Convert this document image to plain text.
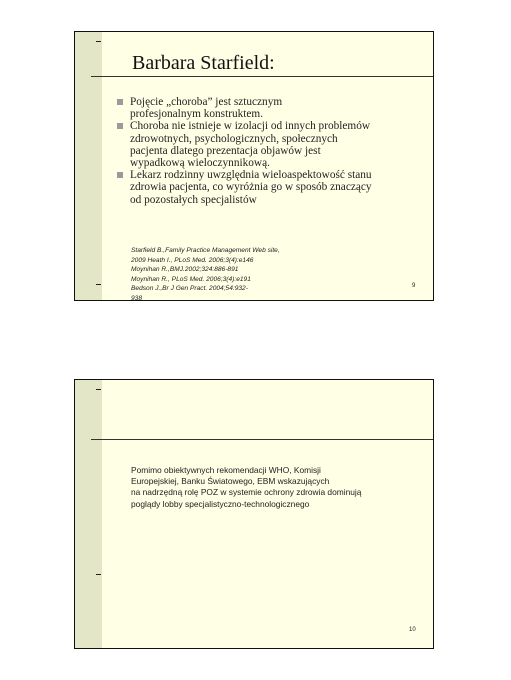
Barbara Starfield:
Pojęcie „choroba” jest sztucznym
profesjonalnym konstruktem.
Choroba nie istnieje w izolacji od innych problemów
zdrowotnych, psychologicznych, społecznych
pacjenta dlatego prezentacja objawów jest
wypadkową wieloczynnikową.
Lekarz rodzinny uwzględnia wieloaspektowość stanu
zdrowia pacjenta, co wyróżnia go w sposób znaczący
od pozostałych specjalistów
Starfield B.,Family Practice Management Web site,
2009 Heath I., PLoS Med. 2006;3(4):e146
Moynihan R.,BMJ.2002;324:886-891
Moynihan R., PLoS Med. 2006;3(4):e191
Bedson J.,Br J Gen Pract. 2004;54:932-
938
9
Pomimo obiektywnych rekomendacji WHO, Komisji
Europejskiej, Banku Światowego, EBM wskazujących
na nadrzędną rolę POZ w systemie ochrony zdrowia dominują
poglądy lobby specjalistyczno-technologicznego
10
